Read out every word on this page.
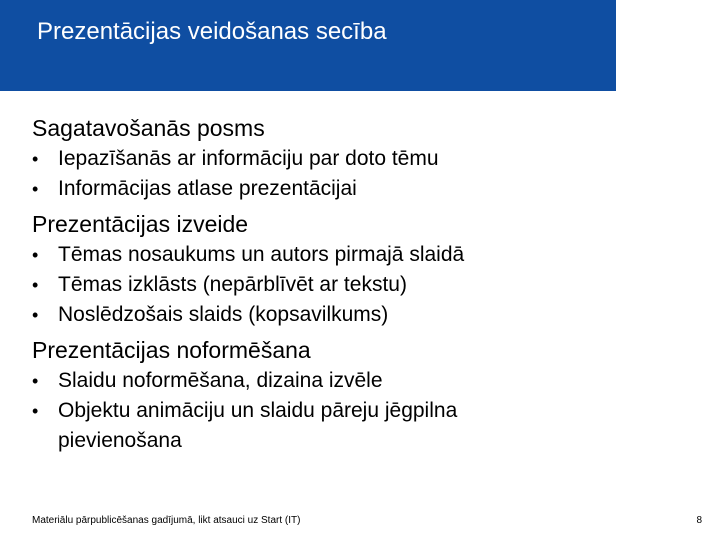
Prezentācijas veidošanas secība
Sagatavošanās posms
• Iepazīšanās ar informāciju par doto tēmu
• Informācijas atlase prezentācijai
Prezentācijas izveide
• Tēmas nosaukums un autors pirmajā slaidā
• Tēmas izklāsts (nepārblīvēt ar tekstu)
• Noslēdzošais slaids (kopsavilkums)
Prezentācijas noformēšana
• Slaidu noformēšana, dizaina izvēle
• Objektu animāciju un slaidu pāreju jēgpilna pievienošana
Materiālu pārpublicēšanas gadījumā, likt atsauci uz Start (IT)	8
